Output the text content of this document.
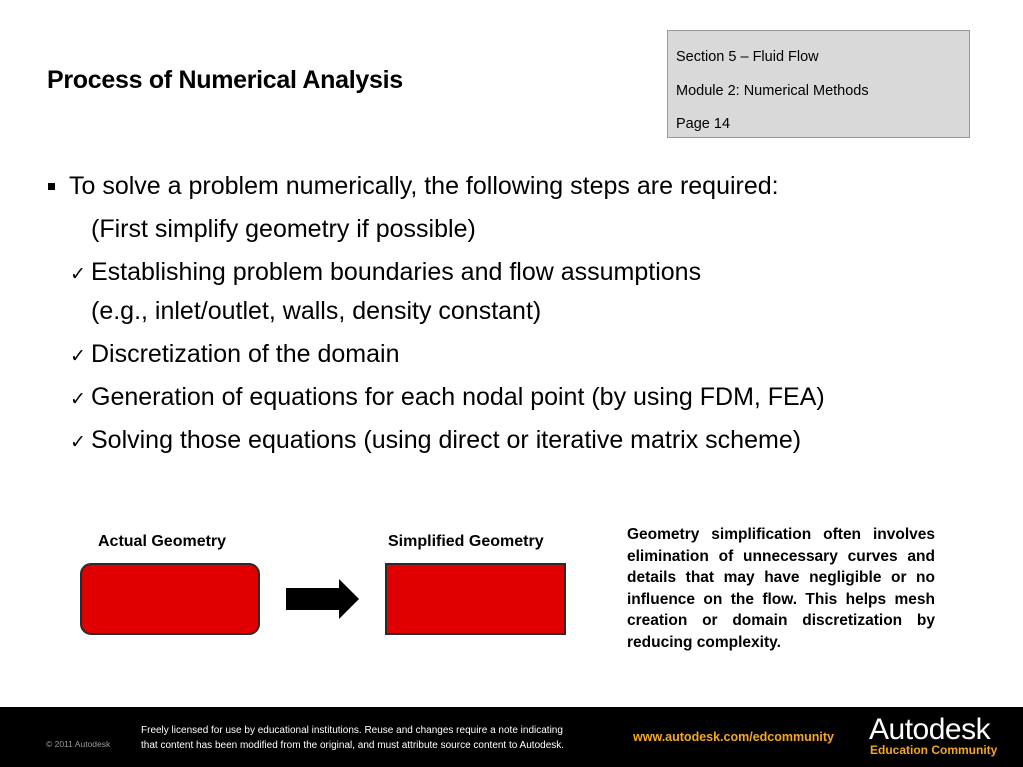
Process of Numerical Analysis
Section 5 – Fluid Flow
Module 2: Numerical Methods
Page 14
To solve a problem numerically, the following steps are required:
(First simplify geometry if possible)
✓ Establishing problem boundaries and flow assumptions
(e.g., inlet/outlet, walls, density constant)
✓ Discretization of the domain
✓ Generation of equations for each nodal point (by using FDM, FEA)
✓ Solving those equations (using direct or iterative matrix scheme)
Actual Geometry	Simplified Geometry	Geometry simplification often involves elimination of unnecessary curves and details that may have negligible or no influence on the flow. This helps mesh creation or domain discretization by reducing complexity.
© 2011 Autodesk
Freely licensed for use by educational institutions. Reuse and changes require a note indicating
that content has been modified from the original, and must attribute source content to Autodesk.
www.autodesk.com/edcommunity Autodesk
Education Community
